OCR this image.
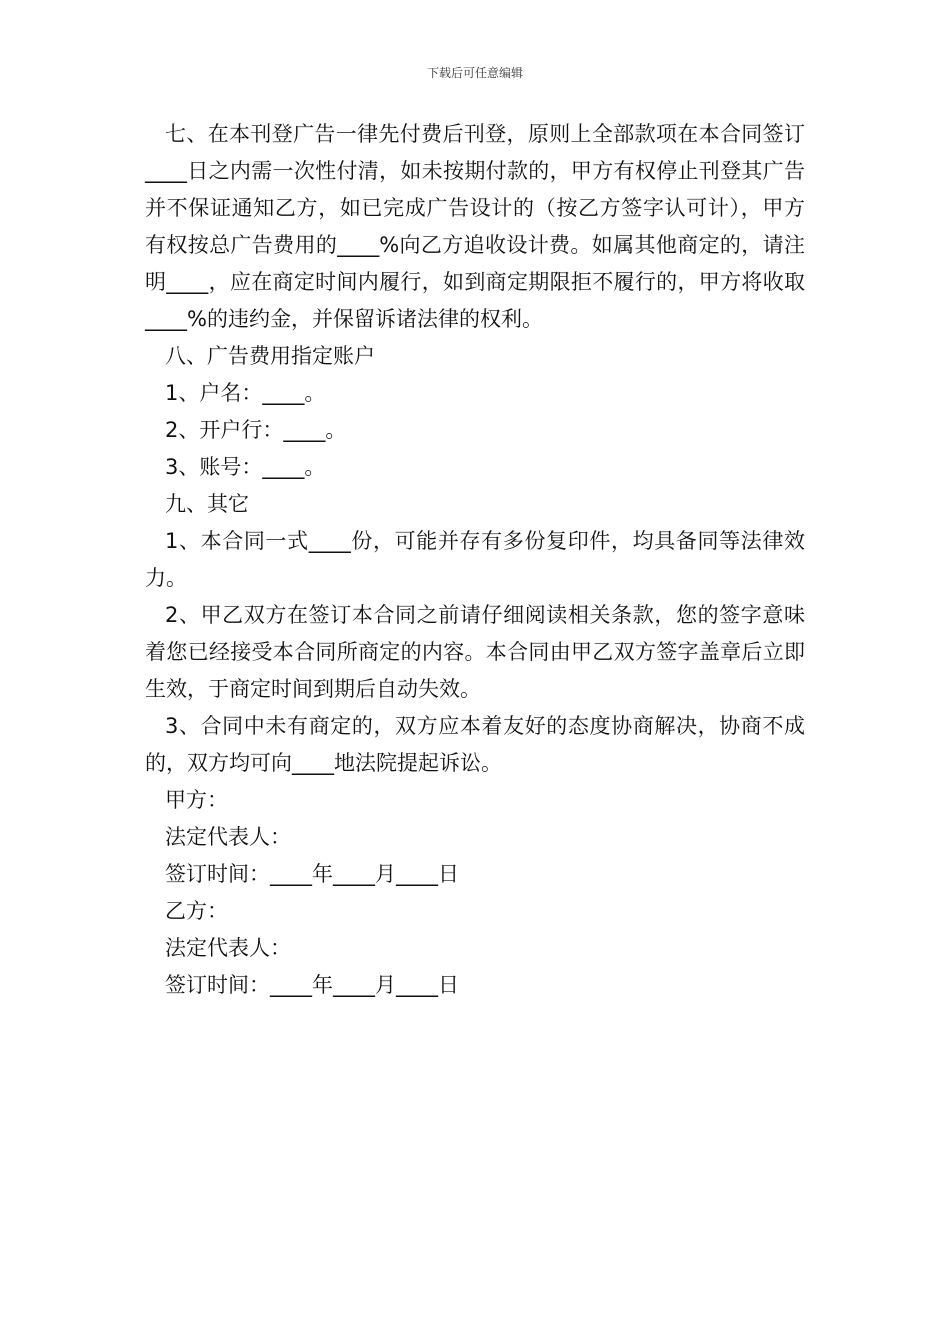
下载后可任意编辑

七、在本刊登广告一律先付费后刊登，原则上全部款项在本合同签订____日之内需一次性付清，如未按期付款的，甲方有权停止刊登其广告并不保证通知乙方，如已完成广告设计的（按乙方签字认可计），甲方有权按总广告费用的____%向乙方追收设计费。如属其他商定的，请注明____，应在商定时间内履行，如到商定期限拒不履行的，甲方将收取____%的违约金，并保留诉诸法律的权利。

八、广告费用指定账户

1、户名：____。

2、开户行：____。

3、账号：____。

九、其它

1、本合同一式____份，可能并存有多份复印件，均具备同等法律效力。

2、甲乙双方在签订本合同之前请仔细阅读相关条款，您的签字意味着您已经接受本合同所商定的内容。本合同由甲乙双方签字盖章后立即生效，于商定时间到期后自动失效。

3、合同中未有商定的，双方应本着友好的态度协商解决，协商不成的，双方均可向____地法院提起诉讼。

甲方：

法定代表人：

签订时间：____年____月____日

乙方：

法定代表人：

签订时间：____年____月____日
